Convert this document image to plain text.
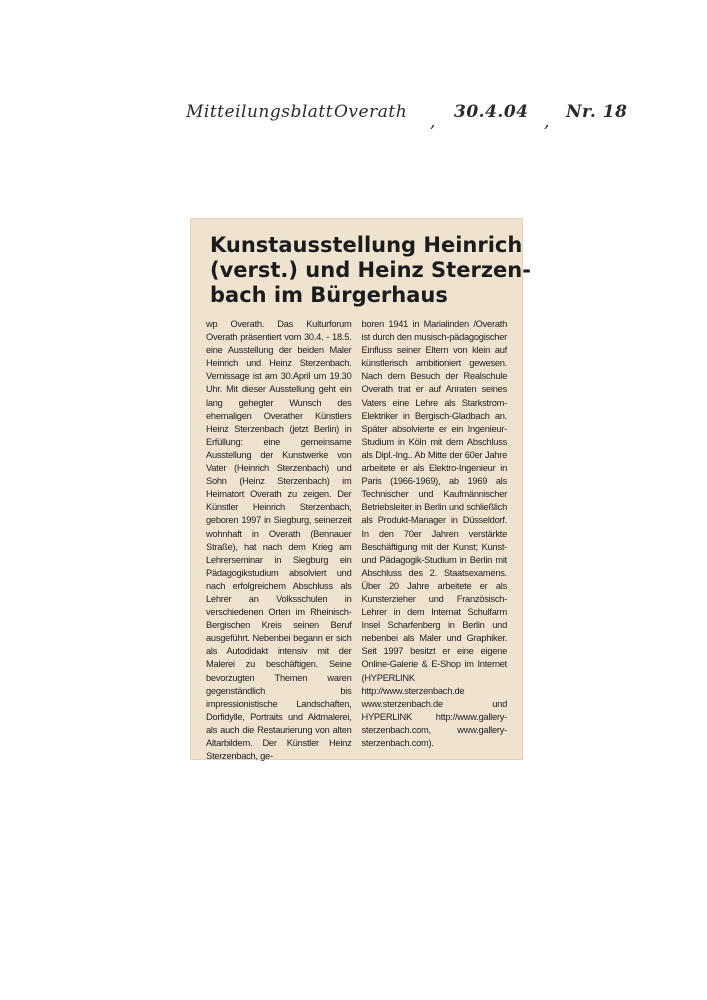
Mitteilungsblatt Overath , 30.4.04 , Nr. 18
Kunstausstellung Heinrich
(verst.) und Heinz Sterzen-
bach im Bürgerhaus
wp Overath. Das Kulturforum Overath präsentiert vom 30.4. - 18.5. eine Ausstellung der beiden Maler Heinrich und Heinz Sterzenbach. Vernissage ist am 30.April um 19.30 Uhr. Mit dieser Ausstellung geht ein lang gehegter Wunsch des ehemaligen Overather Künstlers Heinz Sterzenbach (jetzt Berlin) in Erfüllung: eine gemeinsame Ausstellung der Kunstwerke von Vater (Heinrich Sterzenbach) und Sohn (Heinz Sterzenbach) im Heimatort Overath zu zeigen. Der Künstler Heinrich Sterzenbach, geboren 1997 in Siegburg, seinerzeit wohnhaft in Overath (Bennauer Straße), hat nach dem Krieg am Lehrerseminar in Siegburg ein Pädagogikstudium absolviert und nach erfolgreichem Abschluss als Lehrer an Volksschulen in verschiedenen Orten im Rheinisch-Bergischen Kreis seinen Beruf ausgeführt. Nebenbei begann er sich als Autodidakt intensiv mit der Malerei zu beschäftigen. Seine bevorzugten Themen waren gegenständlich bis impressionistische Landschaften, Dorfidylle, Portraits und Aktmalerei, als auch die Restaurierung von alten Altarbildern. Der Künstler Heinz Sterzenbach, ge-
boren 1941 in Marialinden /Overath ist durch den musisch-pädagogischer Einfluss seiner Eltern von klein auf künstlerisch ambitioniert gewesen. Nach dem Besuch der Realschule Overath trat er auf Anraten seines Vaters eine Lehre als Starkstrom-Elektriker in Bergisch-Gladbach an. Später absolvierte er ein Ingenieur-Studium in Köln mit dem Abschluss als Dipl.-Ing.. Ab Mitte der 60er Jahre arbeitete er als Elektro-Ingenieur in Paris (1966-1969), ab 1969 als Technischer und Kaufmännischer Betriebsleiter in Berlin und schließlich als Produkt-Manager in Düsseldorf. In den 70er Jahren verstärkte Beschäftigung mit der Kunst; Kunst- und Pädagogik-Studium in Berlin mit Abschluss des 2. Staatsexamens. Über 20 Jahre arbeitete er als Kunsterzieher und Französisch-Lehrer in dem Internat Schulfarm Insel Scharfenberg in Berlin und nebenbei als Maler und Graphiker. Seit 1997 besitzt er eine eigene Online-Galerie & E-Shop im Internet (HYPERLINK http://www.sterzenbach.de www.sterzenbach.de und HYPERLINK http://www.gallery-sterzenbach.com, www.gallery-sterzenbach.com).
